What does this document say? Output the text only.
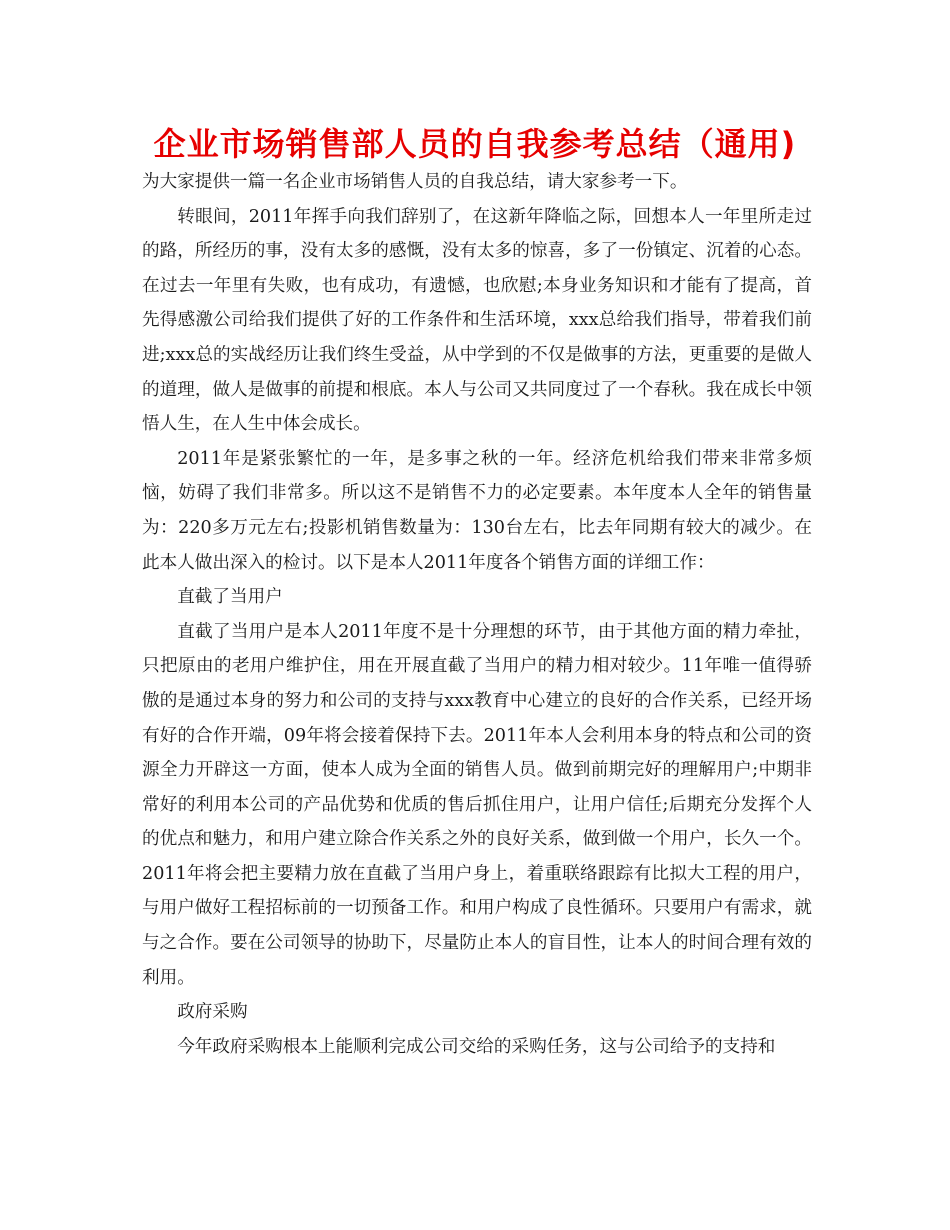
企业市场销售部人员的自我参考总结（通用)

为大家提供一篇一名企业市场销售人员的自我总结，请大家参考一下。

转眼间，2011年挥手向我们辞别了，在这新年降临之际，回想本人一年里所走过的路，所经历的事，没有太多的感慨，没有太多的惊喜，多了一份镇定、沉着的心态。在过去一年里有失败，也有成功，有遗憾，也欣慰;本身业务知识和才能有了提高，首先得感激公司给我们提供了好的工作条件和生活环境，xxx总给我们指导，带着我们前进;xxx总的实战经历让我们终生受益，从中学到的不仅是做事的方法，更重要的是做人的道理，做人是做事的前提和根底。本人与公司又共同度过了一个春秋。我在成长中领悟人生，在人生中体会成长。

2011年是紧张繁忙的一年，是多事之秋的一年。经济危机给我们带来非常多烦恼，妨碍了我们非常多。所以这不是销售不力的必定要素。本年度本人全年的销售量为：220多万元左右;投影机销售数量为：130台左右，比去年同期有较大的减少。在此本人做出深入的检讨。以下是本人2011年度各个销售方面的详细工作：

直截了当用户

直截了当用户是本人2011年度不是十分理想的环节，由于其他方面的精力牵扯，只把原由的老用户维护住，用在开展直截了当用户的精力相对较少。11年唯一值得骄傲的是通过本身的努力和公司的支持与xxx教育中心建立的良好的合作关系，已经开场有好的合作开端，09年将会接着保持下去。2011年本人会利用本身的特点和公司的资源全力开辟这一方面，使本人成为全面的销售人员。做到前期完好的理解用户;中期非常好的利用本公司的产品优势和优质的售后抓住用户，让用户信任;后期充分发挥个人的优点和魅力，和用户建立除合作关系之外的良好关系，做到做一个用户，长久一个。2011年将会把主要精力放在直截了当用户身上，着重联络跟踪有比拟大工程的用户，与用户做好工程招标前的一切预备工作。和用户构成了良性循环。只要用户有需求，就与之合作。要在公司领导的协助下，尽量防止本人的盲目性，让本人的时间合理有效的利用。

政府采购

今年政府采购根本上能顺利完成公司交给的采购任务，这与公司给予的支持和
